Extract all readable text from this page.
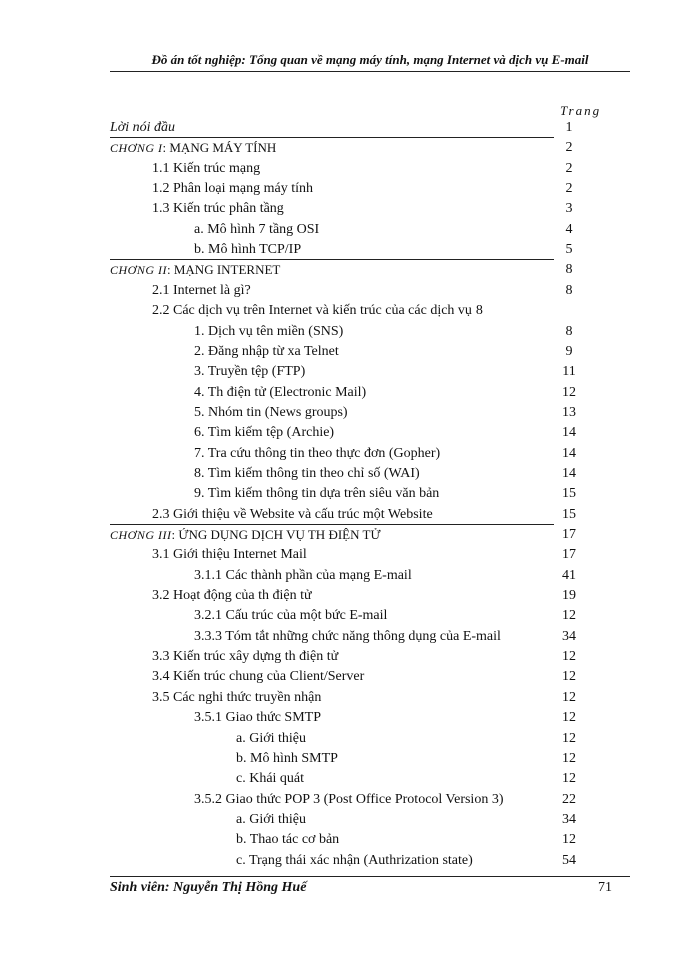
Đồ án tốt nghiệp: Tổng quan về mạng máy tính, mạng Internet và dịch vụ E-mail
Trang
Lời nói đầu	1
CHƠNG I: MẠNG MÁY TÍNH	2
1.1 Kiến trúc mạng	2
1.2 Phân loại mạng máy tính	2
1.3 Kiến trúc phân tầng	3
a. Mô hình 7 tầng OSI	4
b. Mô hình TCP/IP	5
CHƠNG II: MẠNG INTERNET	8
2.1 Internet là gì?	8
2.2 Các dịch vụ trên Internet và kiến trúc của các dịch vụ 8
1. Dịch vụ tên miền (SNS)	8
2. Đăng nhập từ xa Telnet	9
3. Truyền tệp (FTP)	11
4. Th điện tử (Electronic Mail)	12
5. Nhóm tin (News groups)	13
6. Tìm kiếm tệp (Archie)	14
7. Tra cứu thông tin theo thực đơn (Gopher)	14
8. Tìm kiếm thông tin theo chỉ số (WAI)	14
9. Tìm kiếm thông tin dựa trên siêu văn bản	15
2.3 Giới thiệu về Website và cấu trúc một Website	15
CHƠNG III: ỨNG DỤNG DỊCH VỤ TH ĐIỆN TỬ	17
3.1 Giới thiệu Internet Mail	17
3.1.1 Các thành phần của mạng E-mail	41
3.2 Hoạt động của th điện tử	19
3.2.1 Cấu trúc của một bức E-mail	12
3.3.3 Tóm tắt những chức năng thông dụng của E-mail	34
3.3 Kiến trúc xây dựng th điện tử	12
3.4 Kiến trúc chung của Client/Server	12
3.5 Các nghi thức truyền nhận	12
3.5.1 Giao thức SMTP	12
a. Giới thiệu	12
b. Mô hình SMTP	12
c. Khái quát	12
3.5.2 Giao thức POP 3 (Post Office Protocol Version 3)	22
a. Giới thiệu	34
b. Thao tác cơ bản	12
c. Trạng thái xác nhận (Authrization state)	54
Sinh viên: Nguyễn Thị Hồng Huế	71
